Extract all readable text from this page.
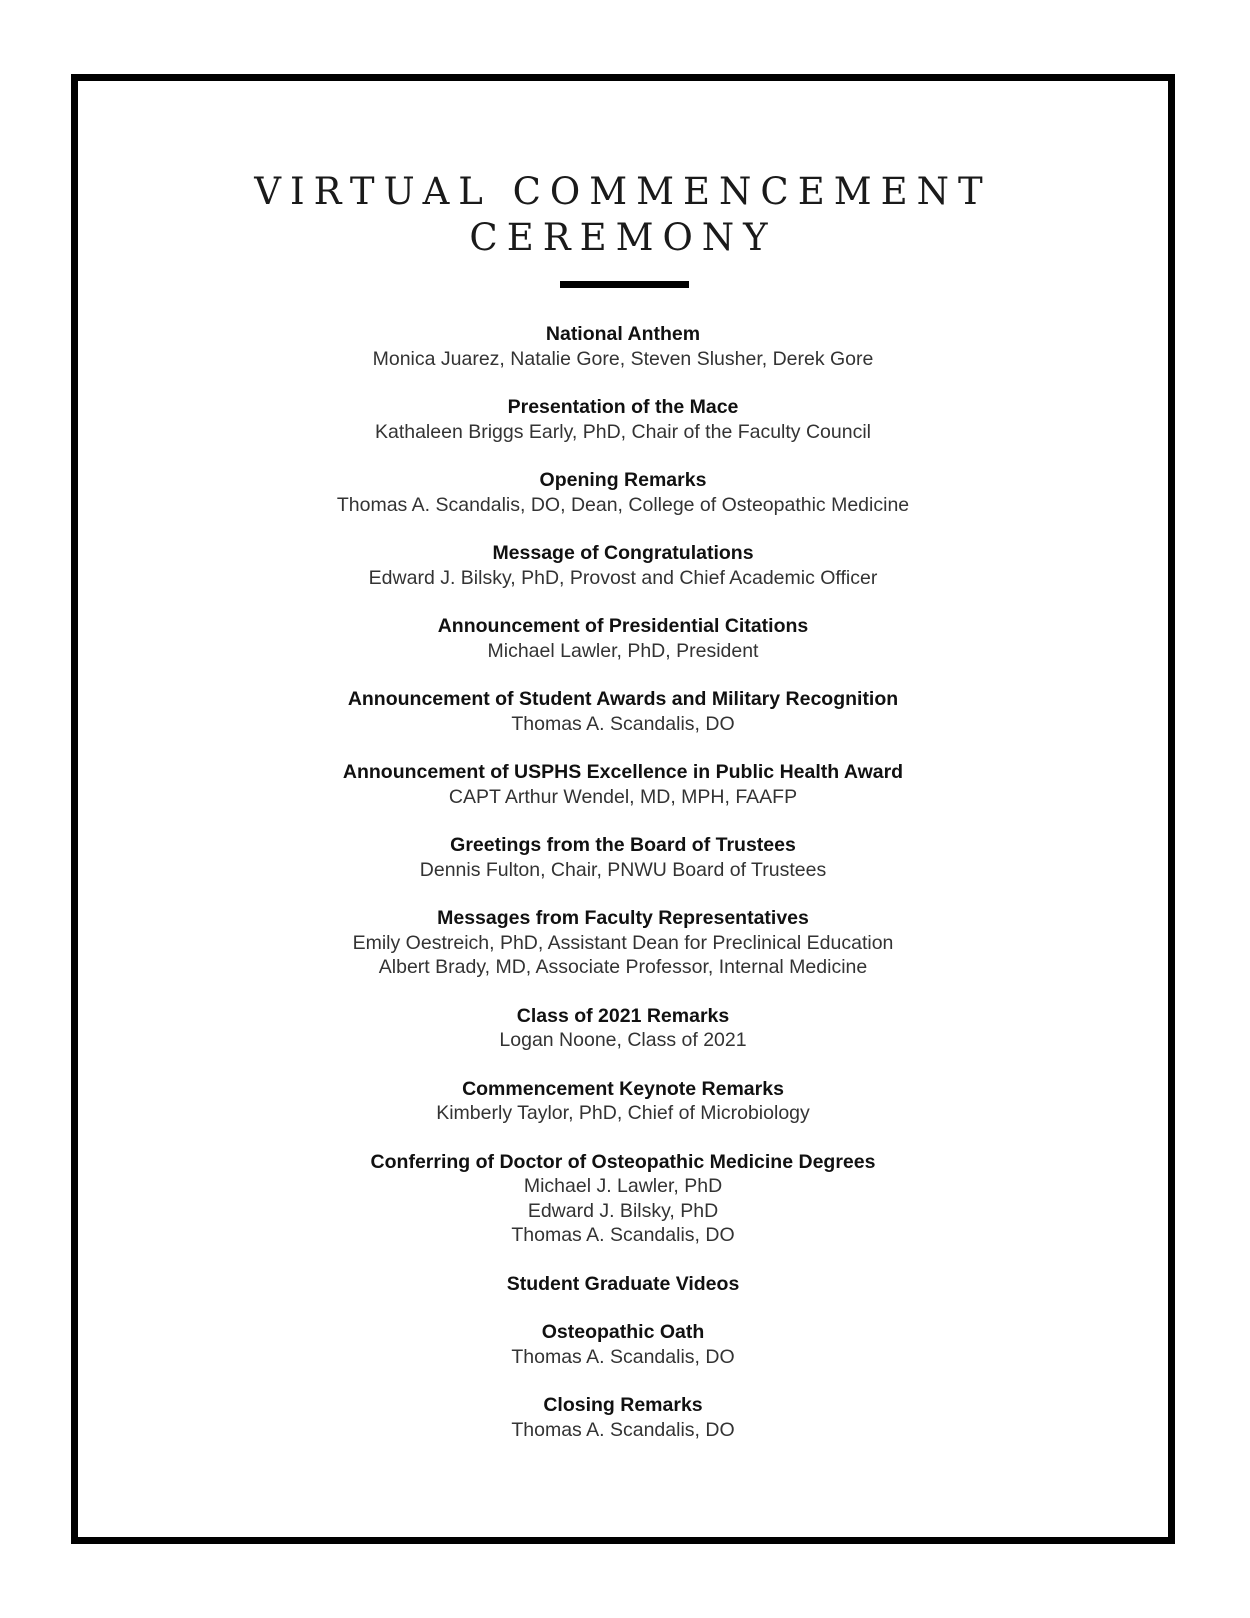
VIRTUAL COMMENCEMENT
CEREMONY
National Anthem
Monica Juarez, Natalie Gore, Steven Slusher, Derek Gore
Presentation of the Mace
Kathaleen Briggs Early, PhD, Chair of the Faculty Council
Opening Remarks
Thomas A. Scandalis, DO, Dean, College of Osteopathic Medicine
Message of Congratulations
Edward J. Bilsky, PhD, Provost and Chief Academic Officer
Announcement of Presidential Citations
Michael Lawler, PhD, President
Announcement of Student Awards and Military Recognition
Thomas A. Scandalis, DO
Announcement of USPHS Excellence in Public Health Award
CAPT Arthur Wendel, MD, MPH, FAAFP
Greetings from the Board of Trustees
Dennis Fulton, Chair, PNWU Board of Trustees
Messages from Faculty Representatives
Emily Oestreich, PhD, Assistant Dean for Preclinical Education
Albert Brady, MD, Associate Professor, Internal Medicine
Class of 2021 Remarks
Logan Noone, Class of 2021
Commencement Keynote Remarks
Kimberly Taylor, PhD, Chief of Microbiology
Conferring of Doctor of Osteopathic Medicine Degrees
Michael J. Lawler, PhD
Edward J. Bilsky, PhD
Thomas A. Scandalis, DO
Student Graduate Videos
Osteopathic Oath
Thomas A. Scandalis, DO
Closing Remarks
Thomas A. Scandalis, DO
